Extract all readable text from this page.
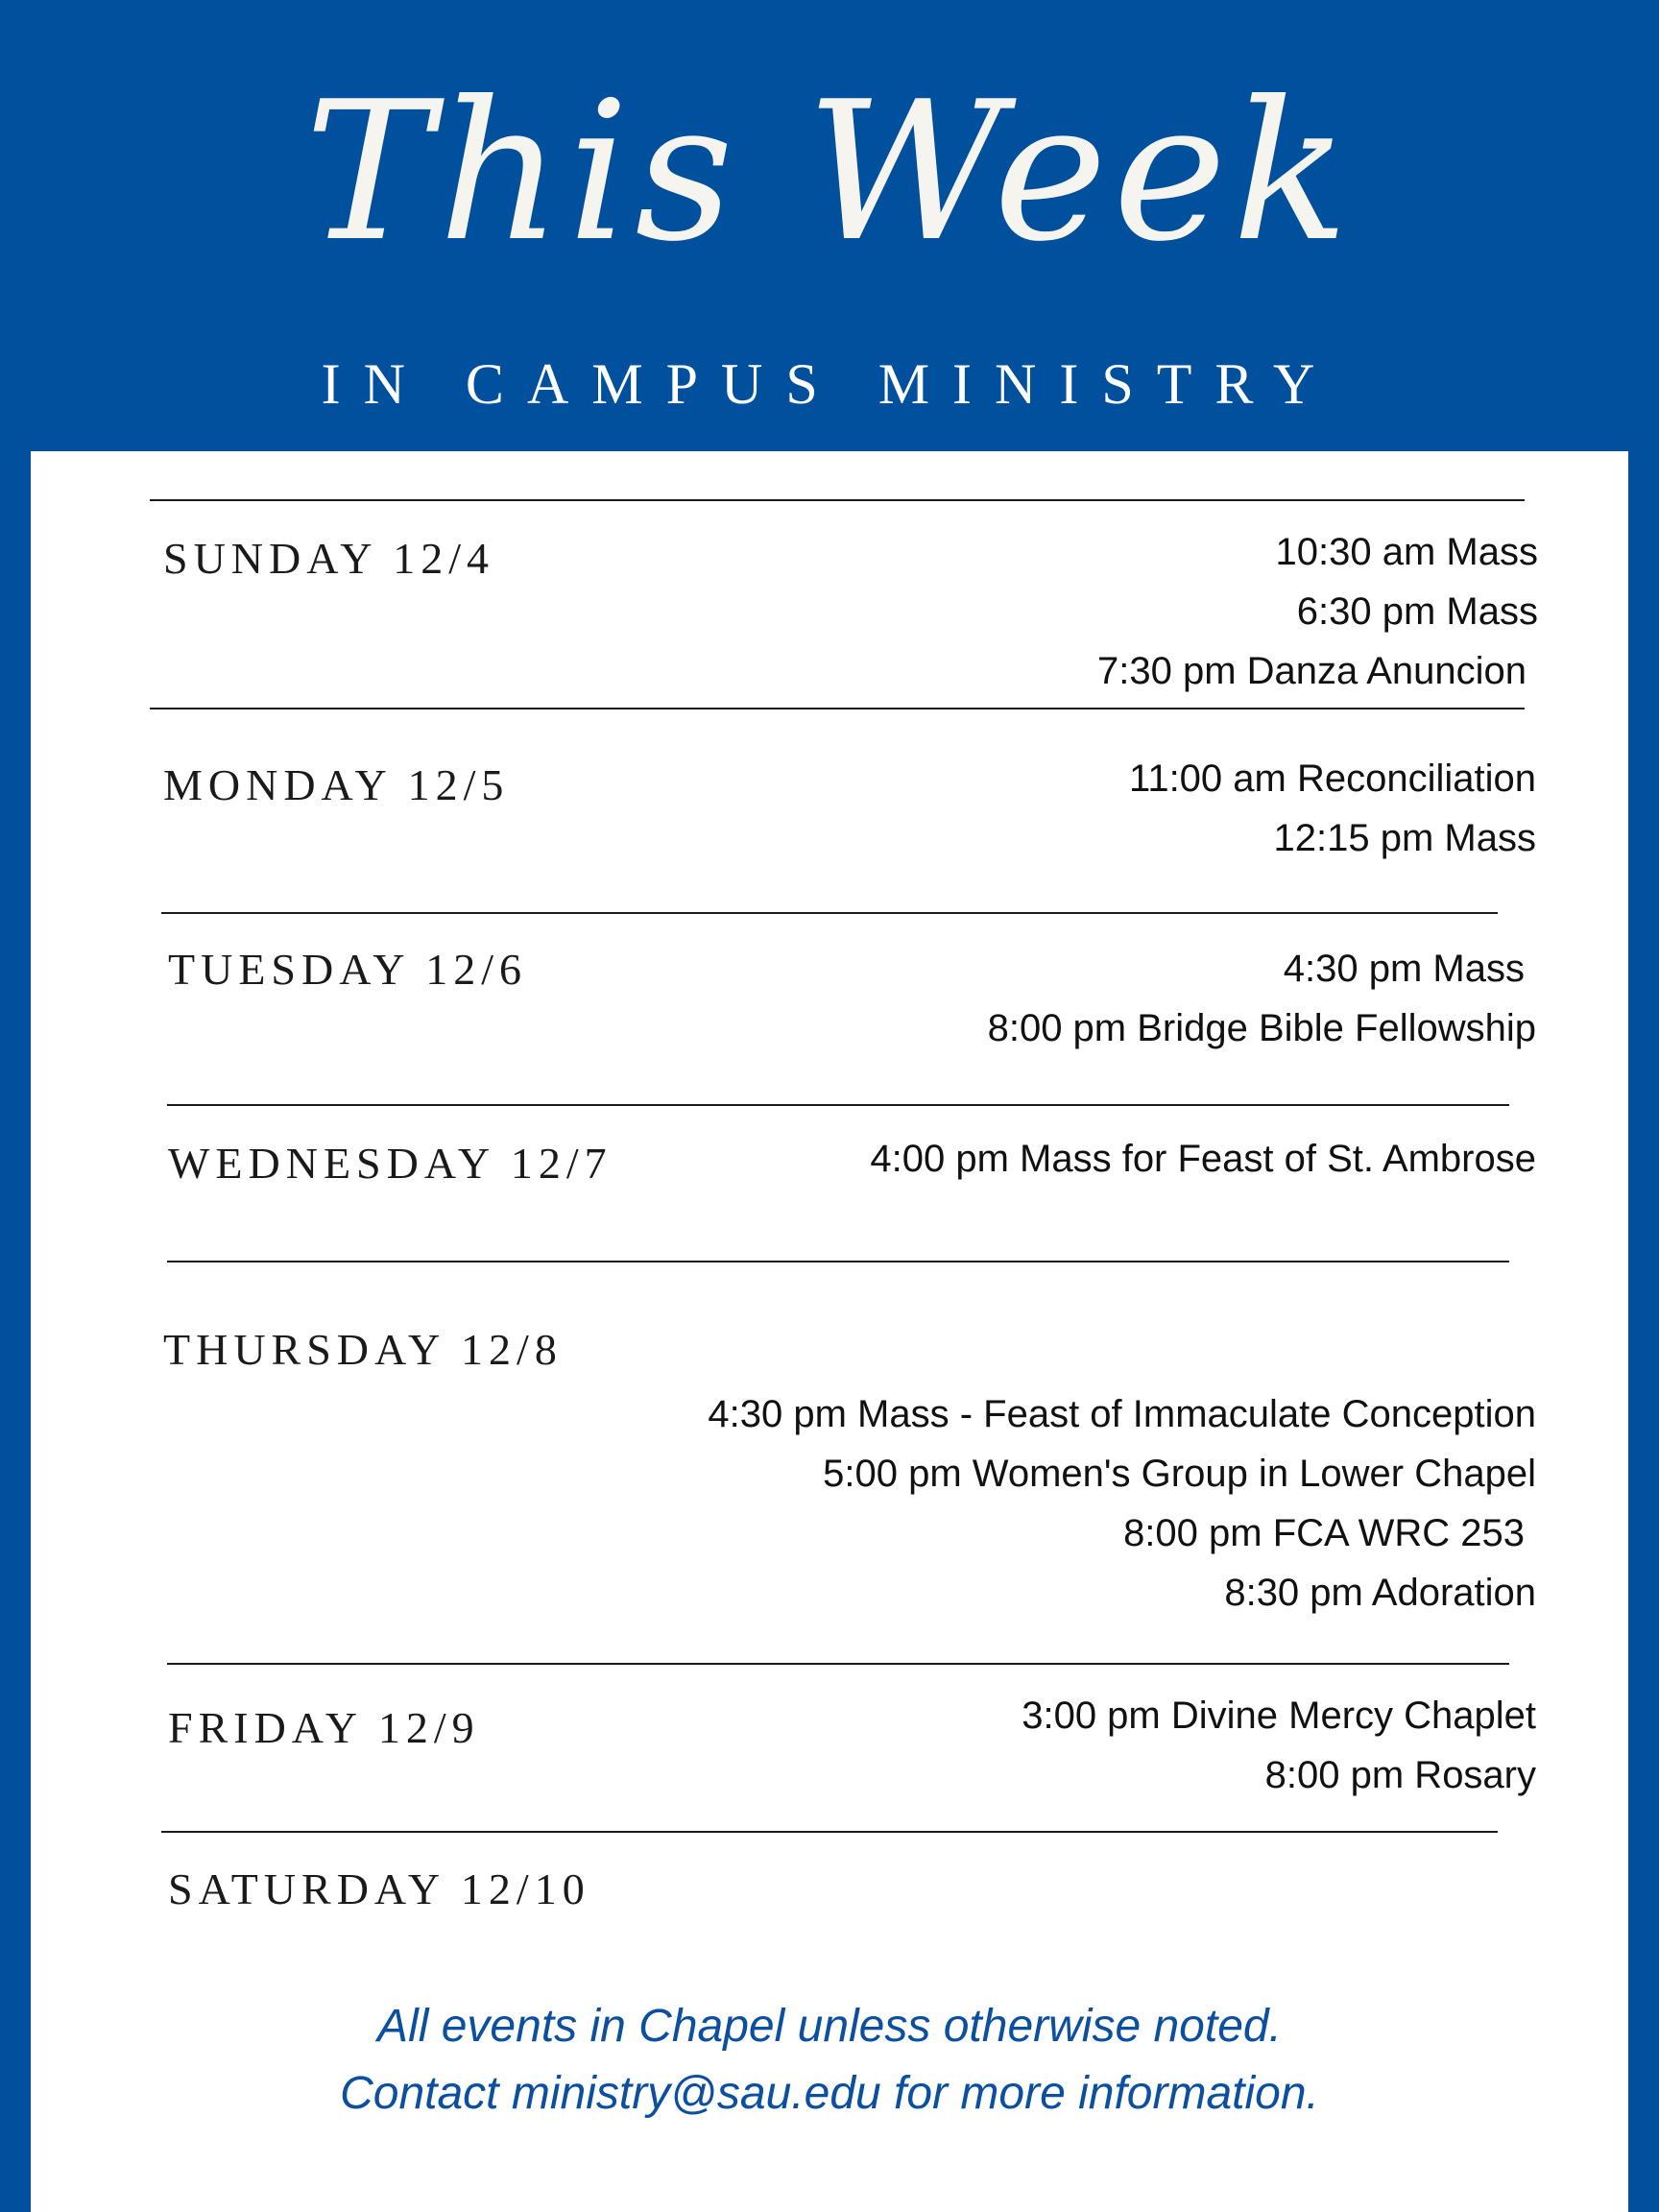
This Week
IN CAMPUS MINISTRY
SUNDAY 12/4	10:30 am Mass
6:30 pm Mass
7:30 pm Danza Anuncion
MONDAY 12/5	11:00 am Reconciliation
12:15 pm Mass
TUESDAY 12/6	4:30 pm Mass
8:00 pm Bridge Bible Fellowship
WEDNESDAY 12/7	4:00 pm Mass for Feast of St. Ambrose
THURSDAY 12/8
4:30 pm Mass - Feast of Immaculate Conception
5:00 pm Women's Group in Lower Chapel
8:00 pm FCA WRC 253
8:30 pm Adoration
FRIDAY 12/9	3:00 pm Divine Mercy Chaplet
8:00 pm Rosary
SATURDAY 12/10
All events in Chapel unless otherwise noted.
Contact ministry@sau.edu for more information.
